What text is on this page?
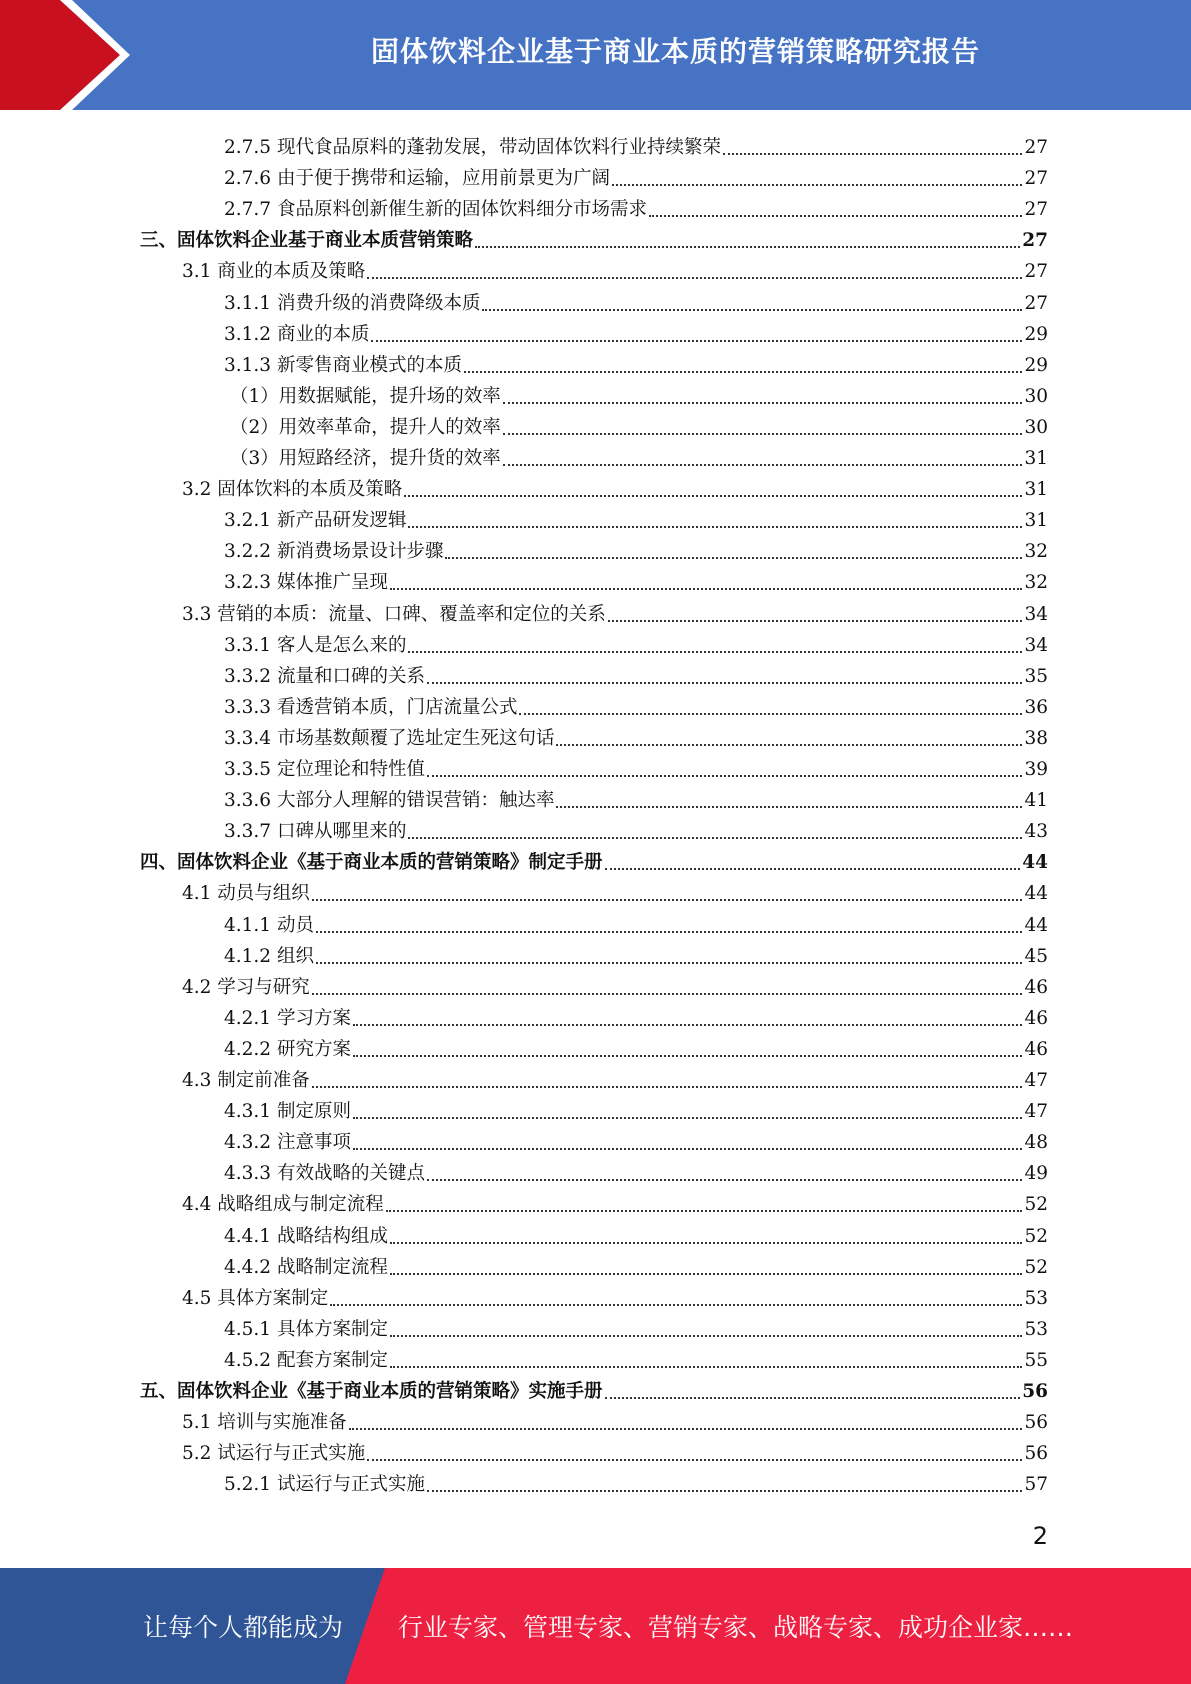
固体饮料企业基于商业本质的营销策略研究报告
2.7.5 现代食品原料的蓬勃发展，带动固体饮料行业持续繁荣	27
2.7.6 由于便于携带和运输，应用前景更为广阔	27
2.7.7 食品原料创新催生新的固体饮料细分市场需求	27
三、固体饮料企业基于商业本质营销策略	27
3.1 商业的本质及策略	27
3.1.1 消费升级的消费降级本质	27
3.1.2 商业的本质	29
3.1.3 新零售商业模式的本质	29
（1）用数据赋能，提升场的效率	30
（2）用效率革命，提升人的效率	30
（3）用短路经济，提升货的效率	31
3.2 固体饮料的本质及策略	31
3.2.1 新产品研发逻辑	31
3.2.2 新消费场景设计步骤	32
3.2.3 媒体推广呈现	32
3.3 营销的本质：流量、口碑、覆盖率和定位的关系	34
3.3.1 客人是怎么来的	34
3.3.2 流量和口碑的关系	35
3.3.3 看透营销本质，门店流量公式	36
3.3.4 市场基数颠覆了选址定生死这句话	38
3.3.5 定位理论和特性值	39
3.3.6 大部分人理解的错误营销：触达率	41
3.3.7 口碑从哪里来的	43
四、固体饮料企业《基于商业本质的营销策略》制定手册	44
4.1 动员与组织	44
4.1.1 动员	44
4.1.2 组织	45
4.2 学习与研究	46
4.2.1 学习方案	46
4.2.2 研究方案	46
4.3 制定前准备	47
4.3.1 制定原则	47
4.3.2 注意事项	48
4.3.3 有效战略的关键点	49
4.4 战略组成与制定流程	52
4.4.1 战略结构组成	52
4.4.2 战略制定流程	52
4.5 具体方案制定	53
4.5.1 具体方案制定	53
4.5.2 配套方案制定	55
五、固体饮料企业《基于商业本质的营销策略》实施手册	56
5.1 培训与实施准备	56
5.2 试运行与正式实施	56
5.2.1 试运行与正式实施	57
2
让每个人都能成为 行业专家、管理专家、营销专家、战略专家、成功企业家……
